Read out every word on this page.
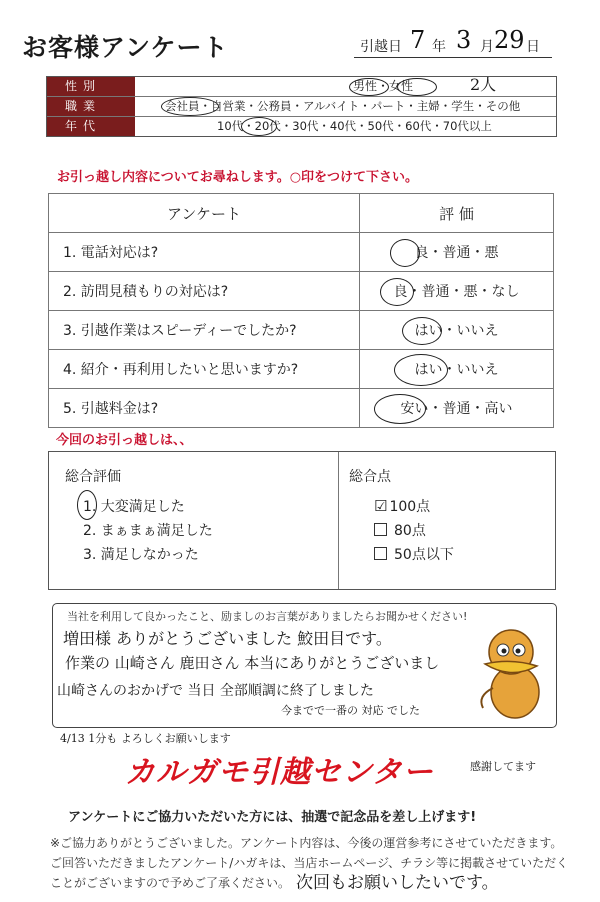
お客様アンケート	引越日 7 年 3 月 29 日
性別	男性・女性	2人
職業	会社員・自営業・公務員・アルバイト・パート・主婦・学生・その他
年代	10代・20代・30代・40代・50代・60代・70代以上
お引っ越し内容についてお尋ねします。○印をつけて下さい。
アンケート	評 価
1. 電話対応は?	良・普通・悪

2. 訪問見積もりの対応は?	良・普通・悪・なし

3. 引越作業はスピーディーでしたか?	はい・いいえ

4. 紹介・再利用したいと思いますか?	はい・いいえ

5. 引越料金は?	安い・普通・高い
今回のお引っ越しは、、
総合評価
1. 大変満足した
2. まぁまぁ満足した
3. 満足しなかった
総合点
☑ 100点
80点
50点以下
当社を利用して良かったこと、励ましのお言葉がありましたらお聞かせください!
増田様 ありがとうございました 鮫田目です。
作業の 山崎さん 鹿田さん 本当にありがとうございまし
山崎さんのおかげで 当日 全部順調に終了しました
今までで一番の 対応 でした
4/13 1分も よろしくお願いします
カルガモ引越センター	感謝してます
アンケートにご協力いただいた方には、抽選で記念品を差し上げます!
※ご協力ありがとうございました。アンケート内容は、今後の運営参考にさせていただきます。
ご回答いただきましたアンケート/ハガキは、当店ホームページ、チラシ等に掲載させていただく
ことがございますので予めご了承ください。 次回もお願いしたいです。
